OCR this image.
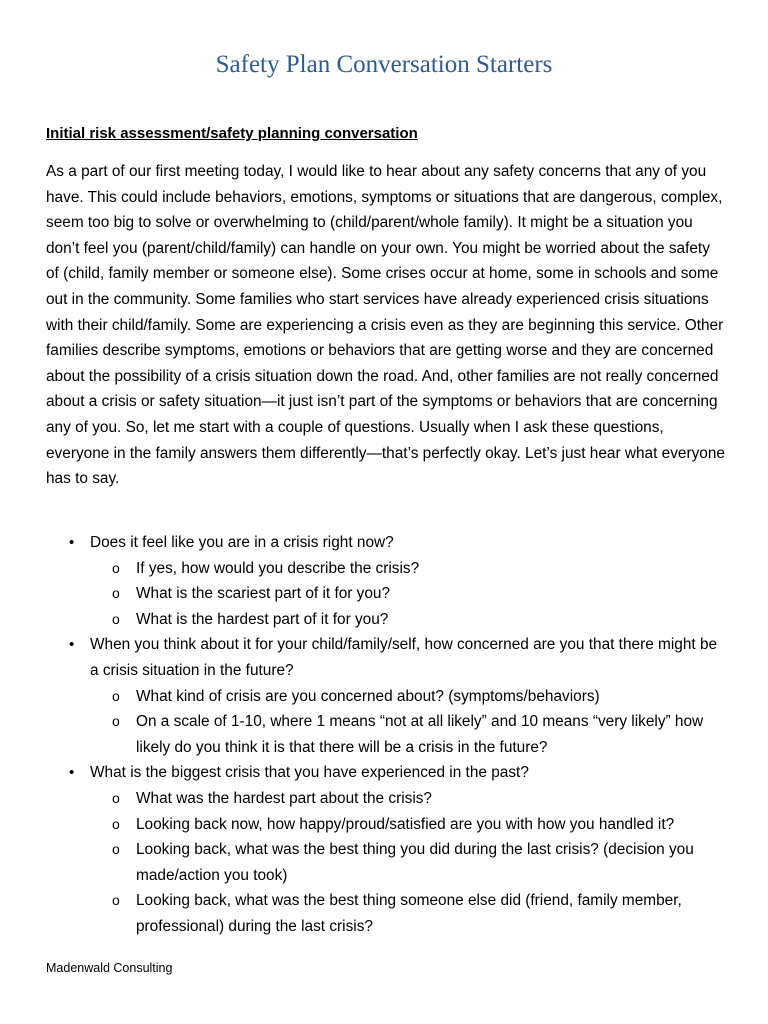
Safety Plan Conversation Starters
Initial risk assessment/safety planning conversation

As a part of our first meeting today, I would like to hear about any safety concerns that any of you have. This could include behaviors, emotions, symptoms or situations that are dangerous, complex, seem too big to solve or overwhelming to (child/parent/whole family). It might be a situation you don’t feel you (parent/child/family) can handle on your own. You might be worried about the safety of (child, family member or someone else). Some crises occur at home, some in schools and some out in the community. Some families who start services have already experienced crisis situations with their child/family. Some are experiencing a crisis even as they are beginning this service. Other families describe symptoms, emotions or behaviors that are getting worse and they are concerned about the possibility of a crisis situation down the road. And, other families are not really concerned about a crisis or safety situation—it just isn’t part of the symptoms or behaviors that are concerning any of you. So, let me start with a couple of questions. Usually when I ask these questions, everyone in the family answers them differently—that’s perfectly okay. Let’s just hear what everyone has to say.

• Does it feel like you are in a crisis right now?
o If yes, how would you describe the crisis?
o What is the scariest part of it for you?
o What is the hardest part of it for you?
• When you think about it for your child/family/self, how concerned are you that there might be a crisis situation in the future?
o What kind of crisis are you concerned about? (symptoms/behaviors)
o On a scale of 1-10, where 1 means “not at all likely” and 10 means “very likely” how likely do you think it is that there will be a crisis in the future?
• What is the biggest crisis that you have experienced in the past?
o What was the hardest part about the crisis?
o Looking back now, how happy/proud/satisfied are you with how you handled it?
o Looking back, what was the best thing you did during the last crisis? (decision you made/action you took)
o Looking back, what was the best thing someone else did (friend, family member, professional) during the last crisis?
Madenwald Consulting
